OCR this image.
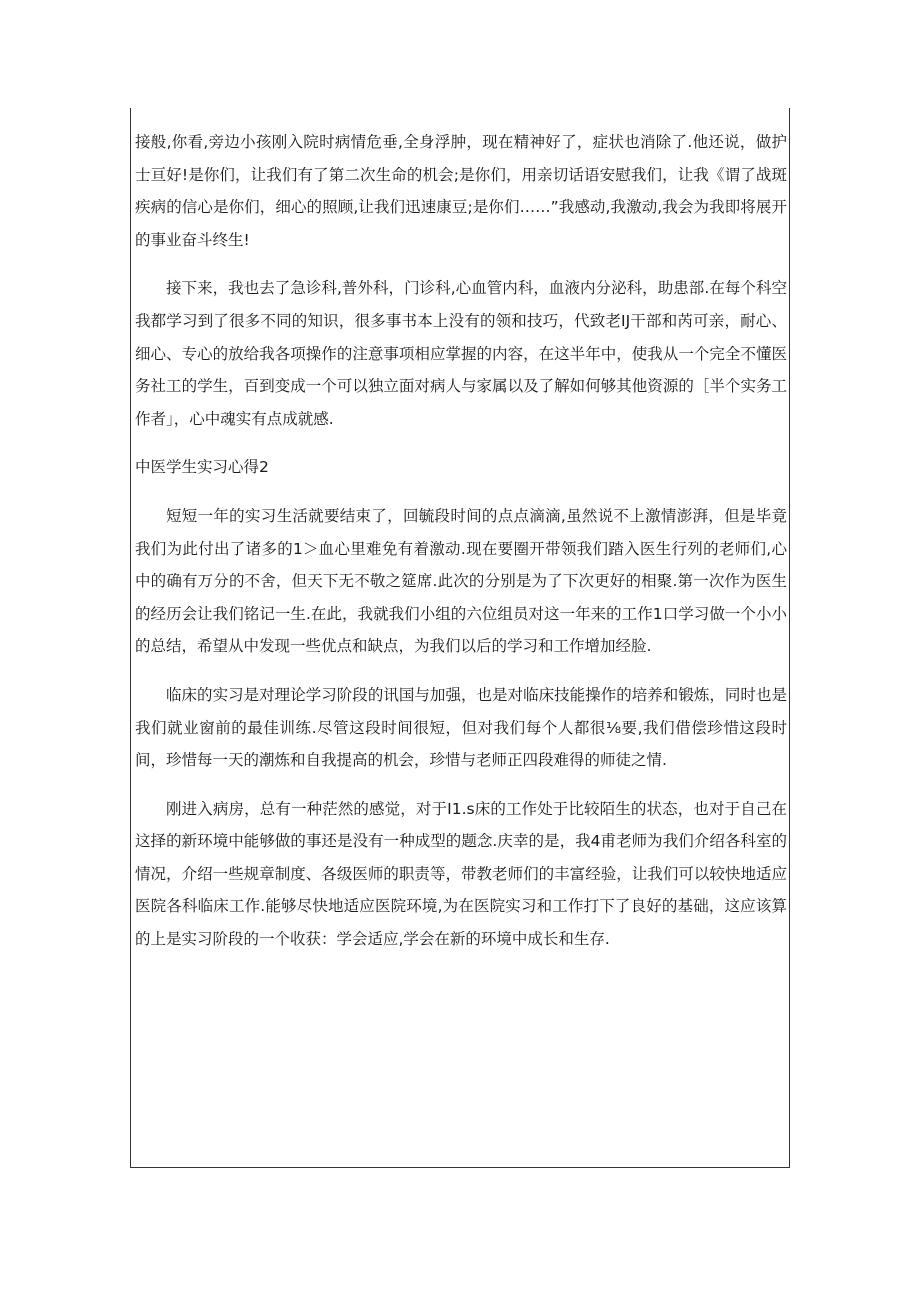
接般,你看,旁边小孩刚入院时病情危垂,全身浮肿，现在精神好了，症状也消除了.他还说，做护士亘好!是你们，让我们有了第二次生命的机会;是你们，用亲切话语安慰我们，让我《谓了战斑疾病的信心是你们，细心的照顾,让我们迅速康豆;是你们……”我感动,我激动,我会为我即将展开的事业奋斗终生!

接下来，我也去了急诊科,普外科，门诊科,心血管内科，血液内分泌科，助患部.在每个科空我都学习到了很多不同的知识，很多事书本上没有的领和技巧，代致老IJ干部和芮可亲，耐心、细心、专心的放给我各项操作的注意事项相应掌握的内容，在这半年中，使我从一个完全不懂医务社工的学生，百到变成一个可以独立面对病人与家属以及了解如何够其他资源的［半个实务工作者」，心中魂实有点成就感.

中医学生实习心得2

短短一年的实习生活就要结束了，回毓段时间的点点滴滴,虽然说不上激情澎湃，但是毕竟我们为此付出了诸多的1＞血心里难免有着激动.现在要圈开带领我们踏入医生行列的老师们,心中的确有万分的不舍，但天下无不敬之筵席.此次的分别是为了下次更好的相聚.第一次作为医生的经历会让我们铭记一生.在此，我就我们小组的六位组员对这一年来的工作1口学习做一个小小的总结，希望从中发现一些优点和缺点，为我们以后的学习和工作增加经脸.

临床的实习是对理论学习阶段的讯国与加强，也是对临床技能操作的培养和锻炼，同时也是我们就业窗前的最佳训练.尽管这段时间很短，但对我们每个人都很⅛要,我们借偿珍惜这段时间，珍惜每一天的潮炼和自我提高的机会，珍惜与老师正四段难得的师徒之情.

刚进入病房，总有一种茫然的感觉，对于I1.s床的工作处于比较陌生的状态，也对于自己在这择的新环境中能够做的事还是没有一种成型的题念.庆幸的是，我4甫老师为我们介绍各科室的情况，介绍一些规章制度、各级医师的职责等，带教老师们的丰富经验，让我们可以较快地适应医院各科临床工作.能够尽快地适应医院环境,为在医院实习和工作打下了良好的基础，这应该算的上是实习阶段的一个收获：学会适应,学会在新的环境中成长和生存.
